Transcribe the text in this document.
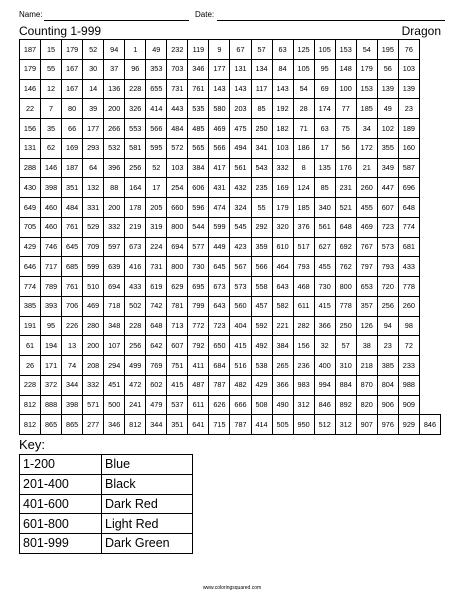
Name:	Date:
Counting 1-999	Dragon
187	15	179	52	94	1	49	232	119	9	67	57	63	125	105	153	54	195	76	
179	55	167	30	37	96	353	703	346	177	131	134	84	105	95	148	179	56	103	
146	12	167	14	136	228	655	731	761	143	143	117	143	54	69	100	153	139	139	
22	7	80	39	200	326	414	443	535	580	203	85	192	28	174	77	185	49	23	
156	35	66	177	266	553	566	484	485	469	475	250	182	71	63	75	34	102	189	
131	62	169	293	532	581	595	572	565	566	494	341	103	186	17	56	172	355	160	
288	146	187	64	396	256	52	103	384	417	561	543	332	8	135	176	21	349	587	
430	398	351	132	88	164	17	254	606	431	432	235	169	124	85	231	260	447	696	
649	460	484	331	200	178	205	660	596	474	324	55	179	185	340	521	455	607	648	
705	460	761	529	332	219	319	800	544	599	545	292	320	376	561	648	469	723	774	
429	746	645	709	597	673	224	694	577	449	423	359	610	517	627	692	767	573	681	
646	717	685	599	639	416	731	800	730	645	567	566	464	793	455	762	797	793	433	
774	789	761	510	694	433	619	629	695	673	573	558	643	468	730	800	653	720	778	
385	393	706	469	718	502	742	781	799	643	560	457	582	611	415	778	357	256	260	
191	95	226	280	348	228	648	713	772	723	404	592	221	282	366	250	126	94	98	
61	194	13	200	107	256	642	607	792	650	415	492	384	156	32	57	38	23	72	
26	171	74	208	294	499	769	751	411	684	516	538	265	236	400	310	218	385	233	
228	372	344	332	451	472	602	415	487	787	482	429	366	983	994	884	870	804	988	
812	888	398	571	500	241	479	537	611	626	666	508	490	312	846	892	820	906	909	
812	865	865	277	346	812	344	351	641	715	787	414	505	950	512	312	907	976	929	846
Key:
1-200	Blue
201-400	Black
401-600	Dark Red
601-800	Light Red
801-999	Dark Green
www.coloringsquared.com
